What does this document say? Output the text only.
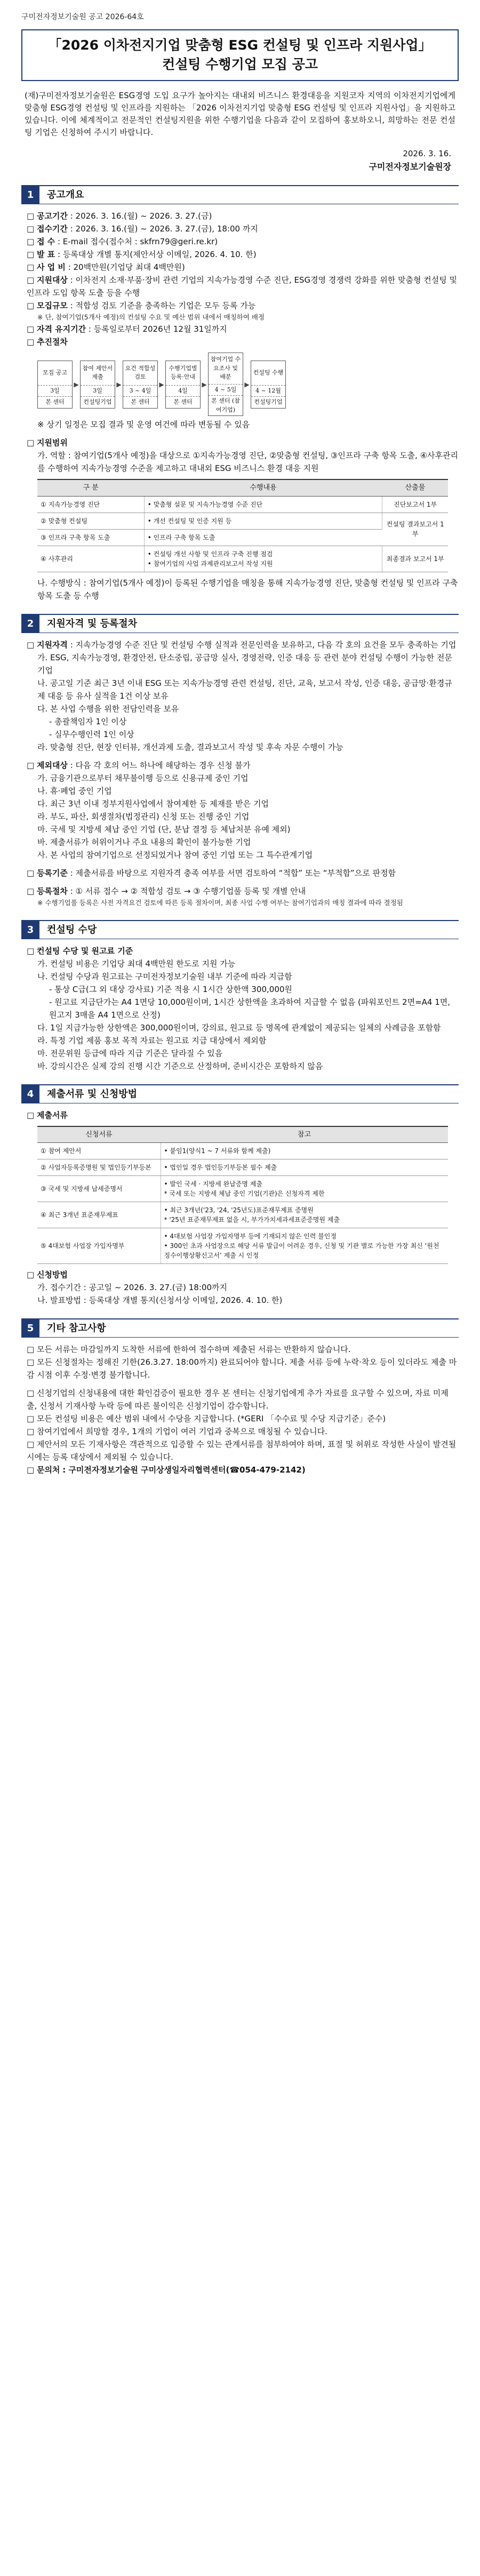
구미전자정보기술원 공고 2026-64호
「2026 이차전지기업 맞춤형 ESG 컨설팅 및 인프라 지원사업」
컨설팅 수행기업 모집 공고

(재)구미전자정보기술원은 ESG경영 도입 요구가 높아지는 대내외 비즈니스 환경대응을 지원코자 지역의 이차전지기업에게 맞춤형 ESG경영 컨설팅 및 인프라를 지원하는 「2026 이차전지기업 맞춤형 ESG 컨설팅 및 인프라 지원사업」을 지원하고 있습니다. 이에 체계적이고 전문적인 컨설팅지원을 위한 수행기업을 다음과 같이 모집하여 홍보하오니, 희망하는 전문 컨설팅 기업은 신청하여 주시기 바랍니다.

2026. 3. 16.
구미전자정보기술원장
1	공고개요
□ 공고기간 : 2026. 3. 16.(월) ~ 2026. 3. 27.(금)
□ 접수기간 : 2026. 3. 16.(월) ~ 2026. 3. 27.(금), 18:00 까지
□ 접 수 : E-mail 접수(접수처 : skfrn79@geri.re.kr)
□ 발 표 : 등록대상 개별 통지(제안서상 이메일, 2026. 4. 10. 한)
□ 사 업 비 : 20백만원(기업당 최대 4백만원)
□ 지원대상 : 이차전지 소재·부품·장비 관련 기업의 지속가능경영 수준 진단, ESG경영 경쟁력 강화를 위한 맞춤형 컨설팅 및 인프라 도입 항목 도출 등을 수행
□ 모집규모 : 적합성 검토 기준을 충족하는 기업은 모두 등록 가능
※ 단, 참여기업(5개사 예정)의 컨설팅 수요 및 예산 범위 내에서 매칭하여 배정
□ 자격 유지기간 : 등록일로부터 2026년 12월 31일까지
□ 추진절차
모집 공고
3일
본 센터
▶
참여 제안서 제출
3일
컨설팅기업
▶
요건 적합성 검토
3 ~ 4일
본 센터
▶
수행기업별 등록·안내
4일
본 센터
▶
참여기업 수요조사 및 배분
4 ~ 5일
본 센터 (참여기업)
▶
컨설팅 수행
4 ~ 12월
컨설팅기업
※ 상기 일정은 모집 결과 및 운영 여건에 따라 변동될 수 있음
□ 지원범위
가. 역할 : 참여기업(5개사 예정)을 대상으로 ①지속가능경영 진단, ②맞춤형 컨설팅, ③인프라 구축 항목 도출, ④사후관리를 수행하여 지속가능경영 수준을 제고하고 대내외 ESG 비즈니스 환경 대응 지원
구 분	수행내용	산출물
① 지속가능경영 진단	• 맞춤형 설문 및 지속가능경영 수준 진단	진단보고서 1부
② 맞춤형 컨설팅	• 개선 컨설팅 및 인증 지원 등	컨설팅 결과보고서 1부
③ 인프라 구축 항목 도출	• 인프라 구축 항목 도출	
④ 사후관리	• 컨설팅 개선 사항 및 인프라 구축 진행 점검
• 참여기업의 사업 과제관리보고서 작성 지원	최종결과 보고서 1부
나. 수행방식 : 참여기업(5개사 예정)이 등록된 수행기업을 매칭을 통해 지속가능경영 진단, 맞춤형 컨설팅 및 인프라 구축 항목 도출 등 수행
2	지원자격 및 등록절차
□ 지원자격 : 지속가능경영 수준 진단 및 컨설팅 수행 실적과 전문인력을 보유하고, 다음 각 호의 요건을 모두 충족하는 기업
가. ESG, 지속가능경영, 환경안전, 탄소중립, 공급망 실사, 경영전략, 인증 대응 등 관련 분야 컨설팅 수행이 가능한 전문기업
나. 공고일 기준 최근 3년 이내 ESG 또는 지속가능경영 관련 컨설팅, 진단, 교육, 보고서 작성, 인증 대응, 공급망·환경규제 대응 등 유사 실적을 1건 이상 보유
다. 본 사업 수행을 위한 전담인력을 보유
- 총괄책임자 1인 이상
- 실무수행인력 1인 이상
라. 맞춤형 진단, 현장 인터뷰, 개선과제 도출, 결과보고서 작성 및 후속 자문 수행이 가능
□ 제외대상 : 다음 각 호의 어느 하나에 해당하는 경우 신청 불가
가. 금융기관으로부터 채무불이행 등으로 신용규제 중인 기업
나. 휴·폐업 중인 기업
다. 최근 3년 이내 정부지원사업에서 참여제한 등 제재를 받은 기업
라. 부도, 파산, 회생절차(법정관리) 신청 또는 진행 중인 기업
마. 국세 및 지방세 체납 중인 기업 (단, 분납 결정 등 체납처분 유예 제외)
바. 제출서류가 허위이거나 주요 내용의 확인이 불가능한 기업
사. 본 사업의 참여기업으로 선정되었거나 참여 중인 기업 또는 그 특수관계기업
□ 등록기준 : 제출서류를 바탕으로 지원자격 충족 여부를 서면 검토하여 “적합” 또는 “부적합”으로 판정함
□ 등록절차 : ① 서류 접수 → ② 적합성 검토 → ③ 수행기업풀 등록 및 개별 안내
※ 수행기업풀 등록은 사전 자격요건 검토에 따른 등록 절차이며, 최종 사업 수행 여부는 참여기업과의 매칭 결과에 따라 결정됨
3	컨설팅 수당
□ 컨설팅 수당 및 원고료 기준
가. 컨설팅 비용은 기업당 최대 4백만원 한도로 지원 가능
나. 컨설팅 수당과 원고료는 구미전자정보기술원 내부 기준에 따라 지급함
- 통상 C급(그 외 대상 강사료) 기준 적용 시 1시간 상한액 300,000원
- 원고료 지급단가는 A4 1면당 10,000원이며, 1시간 상한액을 초과하여 지급할 수 없음 (파워포인트 2면=A4 1면, 원고지 3매을 A4 1면으로 산정)
다. 1일 지급가능한 상한액은 300,000원이며, 강의료, 원고료 등 명목에 관계없이 제공되는 일체의 사례금을 포함함
라. 특정 기업 제품 홍보 목적 자료는 원고료 지급 대상에서 제외함
마. 전문위원 등급에 따라 지급 기준은 달라질 수 있음
바. 강의시간은 실제 강의 진행 시간 기준으로 산정하며, 준비시간은 포함하지 않음
4	제출서류 및 신청방법
□ 제출서류
신청서류	참고
① 참여 제안서	• 붙임1(양식1 ~ 7 서류와 함께 제출)
② 사업자등록증명원 및 법인등기부등본	• 법인일 경우 법인등기부등본 필수 제출
③ 국세 및 지방세 납세증명서	• 발인 국세 · 지방세 완납증명 제출
* 국세 또는 지방세 체납 중인 기업(기관)은 신청자격 제한
④ 최근 3개년 표준재무제표	• 최근 3개년('23, '24, '25년도)표준재무제표 증명원
* '25년 표준재무제표 없을 시, 부가가치세과세표준증명원 제출
⑤ 4대보험 사업장 가입자명부	• 4대보험 사업장 가입자명부 등에 기재되지 않은 인력 불인정
• 300인 초과 사업장으로 해당 서류 발급이 어려운 경우, 신청 및 기관 별로 가능한 가장 최신 ‘원천징수이행상황신고서’ 제출 시 인정
□ 신청방법
가. 접수기간 : 공고일 ~ 2026. 3. 27.(금) 18:00까지
나. 발표방법 : 등록대상 개별 통지(신청서상 이메일, 2026. 4. 10. 한)
5	기타 참고사항
□ 모든 서류는 마감일까지 도착한 서류에 한하여 접수하며 제출된 서류는 반환하지 않습니다.
□ 모든 신청절차는 정해진 기한(26.3.27. 18:00까지) 완료되어야 합니다. 제출 서류 등에 누락·착오 등이 있더라도 제출 마감 시점 이후 수정·변경 불가합니다.
□ 신청기업의 신청내용에 대한 확인검증이 필요한 경우 본 센터는 신청기업에게 추가 자료를 요구할 수 있으며, 자료 미제출, 신청서 기재사항 누락 등에 따른 불이익은 신청기업이 감수합니다.
□ 모든 컨설팅 비용은 예산 범위 내에서 수당을 지급합니다. (*GERI 「수수료 및 수당 지급기준」준수)
□ 참여기업에서 희망할 경우, 1개의 기업이 여러 기업과 중복으로 매칭될 수 있습니다.
□ 제안서의 모든 기재사항은 객관적으로 입증할 수 있는 관계서류를 첨부하여야 하며, 표절 및 허위로 작성한 사실이 발견될 시에는 등록 대상에서 제외될 수 있습니다.
□ 문의처 : 구미전자정보기술원 구미상생일자리협력센터(☎054-479-2142)
